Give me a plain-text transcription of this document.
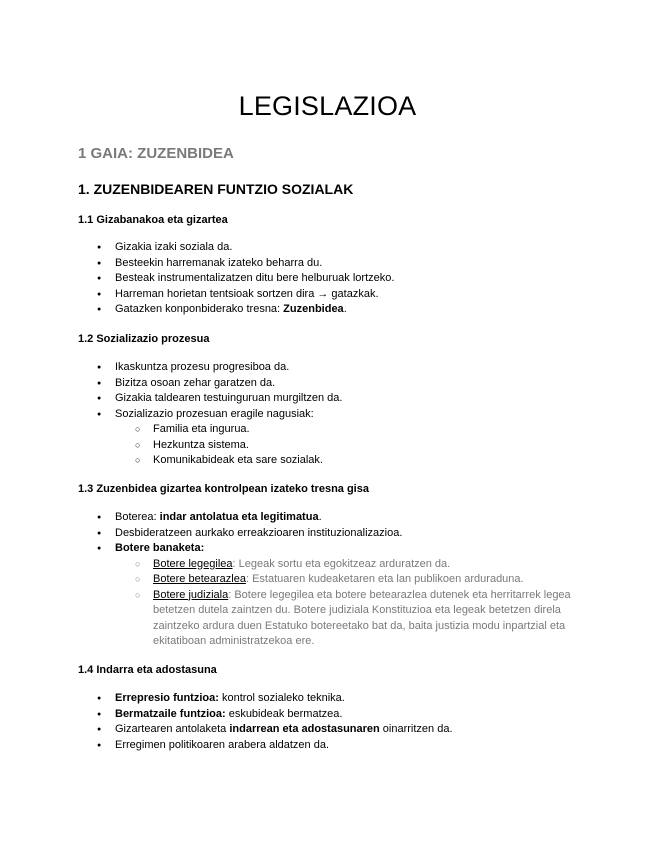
LEGISLAZIOA
1 GAIA: ZUZENBIDEA
1. ZUZENBIDEAREN FUNTZIO SOZIALAK
1.1 Gizabanakoa eta gizartea
● Gizakia izaki soziala da.
● Besteekin harremanak izateko beharra du.
● Besteak instrumentalizatzen ditu bere helburuak lortzeko.
● Harreman horietan tentsioak sortzen dira → gatazkak.
● Gatazken konponbiderako tresna: Zuzenbidea.
1.2 Sozializazio prozesua
● Ikaskuntza prozesu progresiboa da.
● Bizitza osoan zehar garatzen da.
● Gizakia taldearen testuinguruan murgiltzen da.
● Sozializazio prozesuan eragile nagusiak:
○ Familia eta ingurua.
○ Hezkuntza sistema.
○ Komunikabideak eta sare sozialak.
1.3 Zuzenbidea gizartea kontrolpean izateko tresna gisa
● Boterea: indar antolatua eta legitimatua.
● Desbideratzeen aurkako erreakzioaren instituzionalizazioa.
● Botere banaketa:
○ Botere legegilea: Legeak sortu eta egokitzeaz arduratzen da.
○ Botere betearazlea: Estatuaren kudeaketaren eta lan publikoen arduraduna.
○ Botere judiziala: Botere legegilea eta botere betearazlea dutenek eta herritarrek legea betetzen dutela zaintzen du. Botere judiziala Konstituzioa eta legeak betetzen direla zaintzeko ardura duen Estatuko botereetako bat da, baita justizia modu inpartzial eta ekitatiboan administratzekoa ere.
1.4 Indarra eta adostasuna
● Errepresio funtzioa: kontrol sozialeko teknika.
● Bermatzaile funtzioa: eskubideak bermatzea.
● Gizartearen antolaketa indarrean eta adostasunaren oinarritzen da.
● Erregimen politikoaren arabera aldatzen da.
